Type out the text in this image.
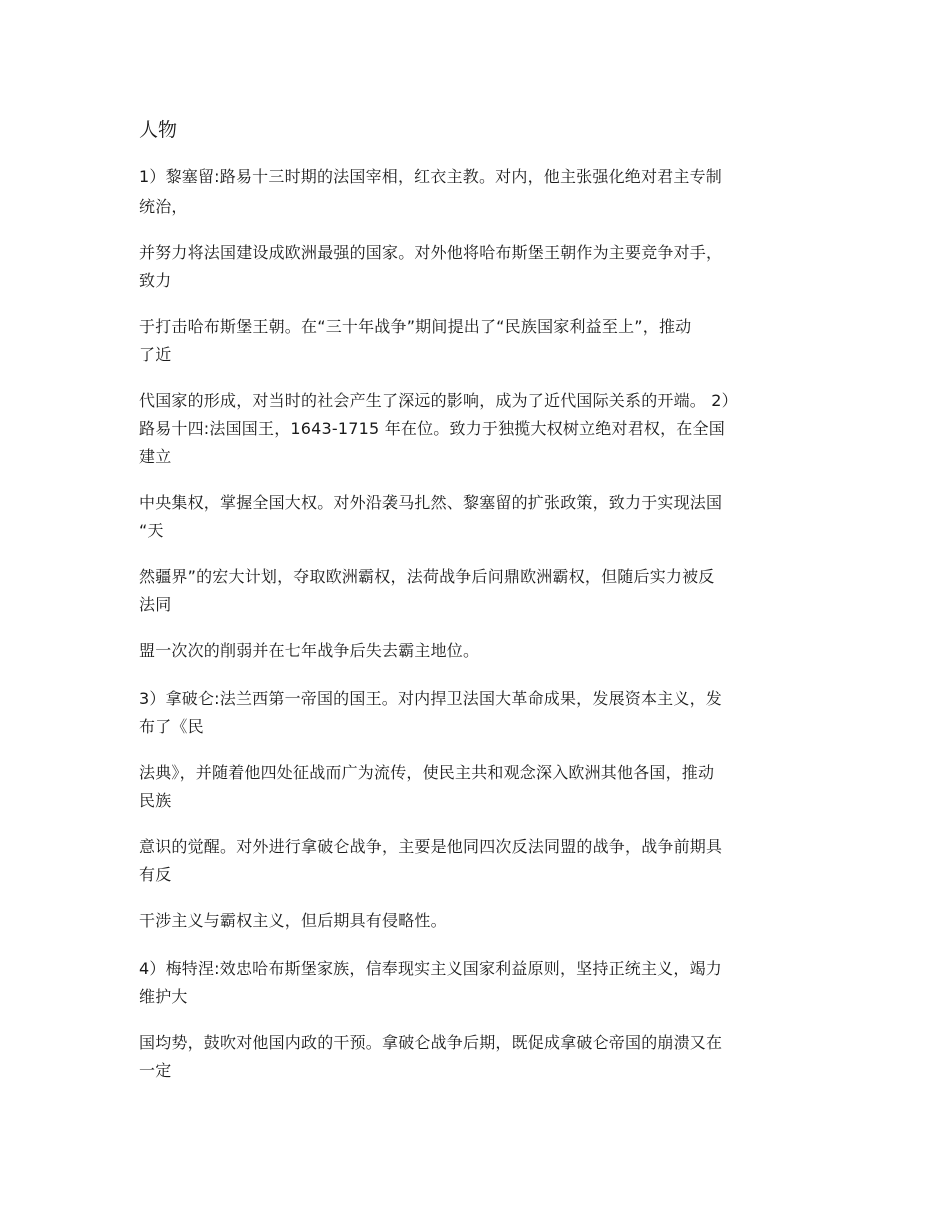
人物
1）黎塞留:路易十三时期的法国宰相，红衣主教。对内，他主张强化绝对君主专制
统治，
并努力将法国建设成欧洲最强的国家。对外他将哈布斯堡王朝作为主要竞争对手，
致力
于打击哈布斯堡王朝。在“三十年战争”期间提出了“民族国家利益至上”，推动
了近
代国家的形成，对当时的社会产生了深远的影响，成为了近代国际关系的开端。 2）
路易十四:法国国王，1643-1715 年在位。致力于独揽大权树立绝对君权，在全国
建立
中央集权，掌握全国大权。对外沿袭马扎然、黎塞留的扩张政策，致力于实现法国
“天
然疆界”的宏大计划，夺取欧洲霸权，法荷战争后问鼎欧洲霸权，但随后实力被反
法同
盟一次次的削弱并在七年战争后失去霸主地位。
3）拿破仑:法兰西第一帝国的国王。对内捍卫法国大革命成果，发展资本主义，发
布了《民
法典》，并随着他四处征战而广为流传，使民主共和观念深入欧洲其他各国，推动
民族
意识的觉醒。对外进行拿破仑战争，主要是他同四次反法同盟的战争，战争前期具
有反
干涉主义与霸权主义，但后期具有侵略性。
4）梅特涅:效忠哈布斯堡家族，信奉现实主义国家利益原则，坚持正统主义，竭力
维护大
国均势，鼓吹对他国内政的干预。拿破仑战争后期，既促成拿破仑帝国的崩溃又在
一定
